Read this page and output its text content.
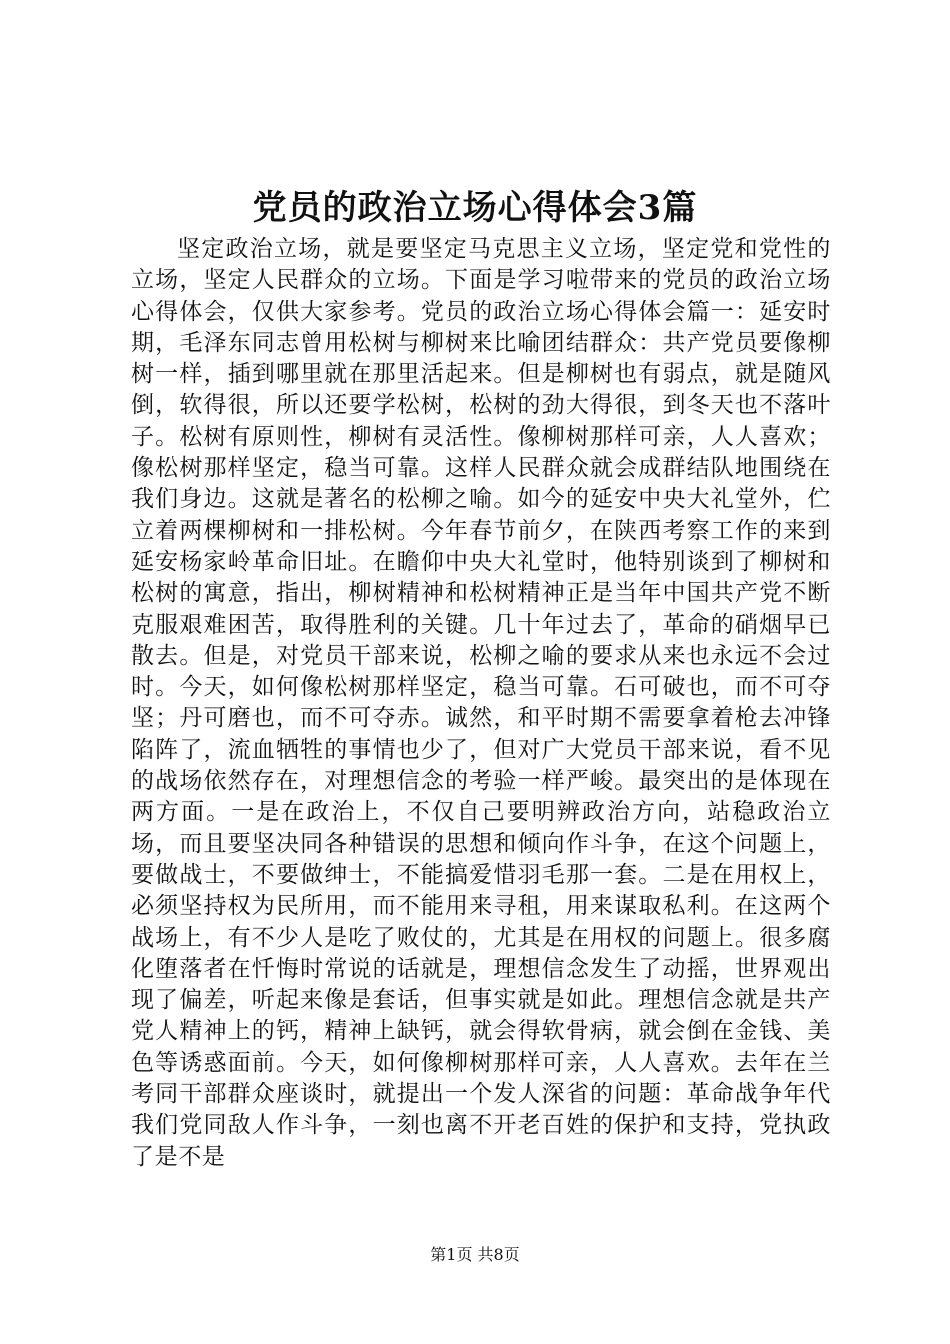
党员的政治立场心得体会3篇

坚定政治立场，就是要坚定马克思主义立场，坚定党和党性的立场，坚定人民群众的立场。下面是学习啦带来的党员的政治立场心得体会，仅供大家参考。党员的政治立场心得体会篇一：延安时期，毛泽东同志曾用松树与柳树来比喻团结群众：共产党员要像柳树一样，插到哪里就在那里活起来。但是柳树也有弱点，就是随风倒，软得很，所以还要学松树，松树的劲大得很，到冬天也不落叶子。松树有原则性，柳树有灵活性。像柳树那样可亲，人人喜欢；像松树那样坚定，稳当可靠。这样人民群众就会成群结队地围绕在我们身边。这就是著名的松柳之喻。如今的延安中央大礼堂外，伫立着两棵柳树和一排松树。今年春节前夕，在陕西考察工作的来到延安杨家岭革命旧址。在瞻仰中央大礼堂时，他特别谈到了柳树和松树的寓意，指出，柳树精神和松树精神正是当年中国共产党不断克服艰难困苦，取得胜利的关键。几十年过去了，革命的硝烟早已散去。但是，对党员干部来说，松柳之喻的要求从来也永远不会过时。今天，如何像松树那样坚定，稳当可靠。石可破也，而不可夺坚；丹可磨也，而不可夺赤。诚然，和平时期不需要拿着枪去冲锋陷阵了，流血牺牲的事情也少了，但对广大党员干部来说，看不见的战场依然存在，对理想信念的考验一样严峻。最突出的是体现在两方面。一是在政治上，不仅自己要明辨政治方向，站稳政治立场，而且要坚决同各种错误的思想和倾向作斗争，在这个问题上，要做战士，不要做绅士，不能搞爱惜羽毛那一套。二是在用权上，必须坚持权为民所用，而不能用来寻租，用来谋取私利。在这两个战场上，有不少人是吃了败仗的，尤其是在用权的问题上。很多腐化堕落者在忏悔时常说的话就是，理想信念发生了动摇，世界观出现了偏差，听起来像是套话，但事实就是如此。理想信念就是共产党人精神上的钙，精神上缺钙，就会得软骨病，就会倒在金钱、美色等诱惑面前。今天，如何像柳树那样可亲，人人喜欢。去年在兰考同干部群众座谈时，就提出一个发人深省的问题：革命战争年代我们党同敌人作斗争，一刻也离不开老百姓的保护和支持，党执政了是不是

第1页 共8页
